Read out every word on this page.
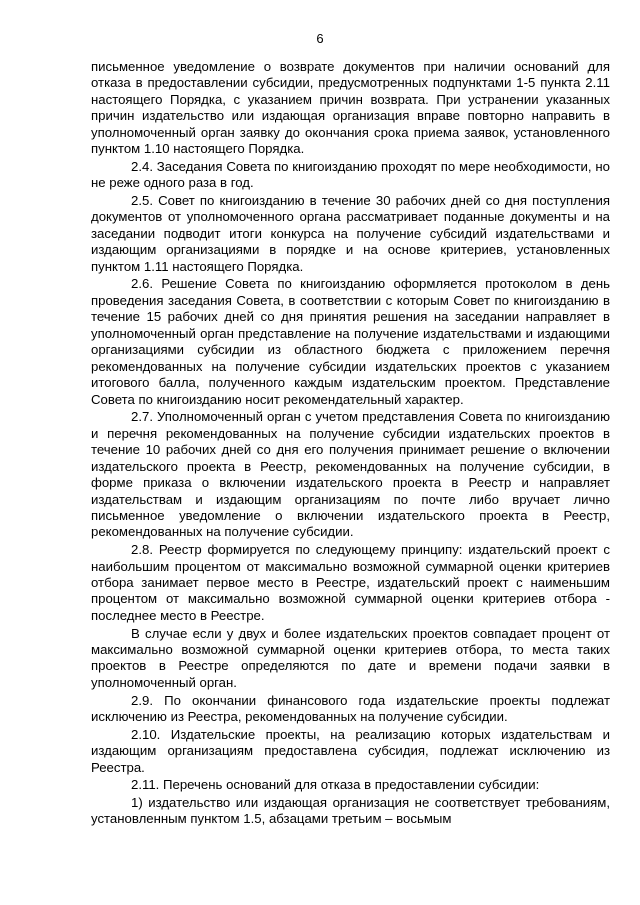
6

письменное уведомление о возврате документов при наличии оснований для отказа в предоставлении субсидии, предусмотренных подпунктами 1-5 пункта 2.11 настоящего Порядка, с указанием причин возврата. При устранении указанных причин издательство или издающая организация вправе повторно направить в уполномоченный орган заявку до окончания срока приема заявок, установленного пунктом 1.10 настоящего Порядка.

2.4. Заседания Совета по книгоизданию проходят по мере необходимости, но не реже одного раза в год.

2.5. Совет по книгоизданию в течение 30 рабочих дней со дня поступления документов от уполномоченного органа рассматривает поданные документы и на заседании подводит итоги конкурса на получение субсидий издательствами и издающим организациями в порядке и на основе критериев, установленных пунктом 1.11 настоящего Порядка.

2.6. Решение Совета по книгоизданию оформляется протоколом в день проведения заседания Совета, в соответствии с которым Совет по книгоизданию в течение 15 рабочих дней со дня принятия решения на заседании направляет в уполномоченный орган представление на получение издательствами и издающими организациями субсидии из областного бюджета с приложением перечня рекомендованных на получение субсидии издательских проектов с указанием итогового балла, полученного каждым издательским проектом. Представление Совета по книгоизданию носит рекомендательный характер.

2.7. Уполномоченный орган с учетом представления Совета по книгоизданию и перечня рекомендованных на получение субсидии издательских проектов в течение 10 рабочих дней со дня его получения принимает решение о включении издательского проекта в Реестр, рекомендованных на получение субсидии, в форме приказа о включении издательского проекта в Реестр и направляет издательствам и издающим организациям по почте либо вручает лично письменное уведомление о включении издательского проекта в Реестр, рекомендованных на получение субсидии.

2.8. Реестр формируется по следующему принципу: издательский проект с наибольшим процентом от максимально возможной суммарной оценки критериев отбора занимает первое место в Реестре, издательский проект с наименьшим процентом от максимально возможной суммарной оценки критериев отбора - последнее место в Реестре.

В случае если у двух и более издательских проектов совпадает процент от максимально возможной суммарной оценки критериев отбора, то места таких проектов в Реестре определяются по дате и времени подачи заявки в уполномоченный орган.

2.9. По окончании финансового года издательские проекты подлежат исключению из Реестра, рекомендованных на получение субсидии.

2.10. Издательские проекты, на реализацию которых издательствам и издающим организациям предоставлена субсидия, подлежат исключению из Реестра.

2.11. Перечень оснований для отказа в предоставлении субсидии:

1) издательство или издающая организация не соответствует требованиям, установленным пунктом 1.5, абзацами третьим – восьмым
